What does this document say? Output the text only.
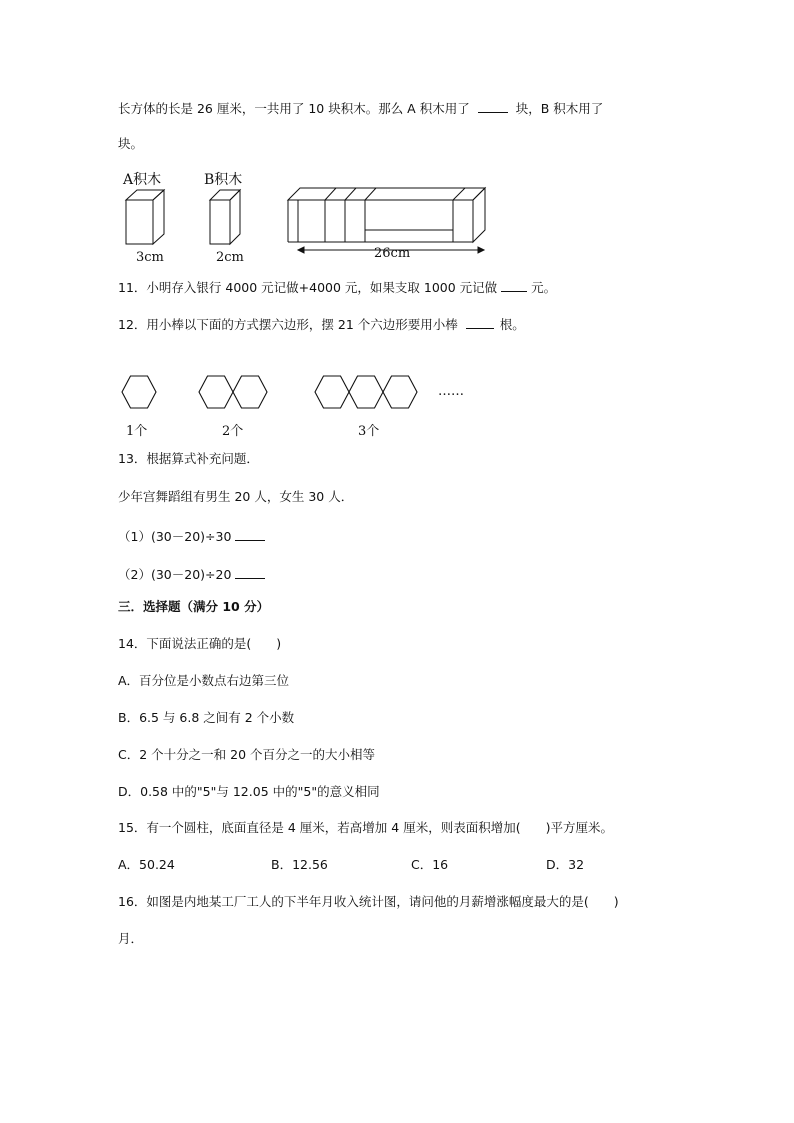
长方体的长是 26 厘米，一共用了 10 块积木。那么 A 积木用了	块，B 积木用了
块。
A积木	B积木
3cm	2cm	26cm
11．小明存入银行 4000 元记做+4000 元，如果支取 1000 元记做	元。
12．用小棒以下面的方式摆六边形，摆 21 个六边形要用小棒	根。
……
1个	2个	3个
13．根据算式补充问题．
少年宫舞蹈组有男生 20 人，女生 30 人．
（1）(30－20)÷30
（2）(30－20)÷20
三．选择题（满分 10 分）
14．下面说法正确的是(　　)
A．百分位是小数点右边第三位
B．6.5 与 6.8 之间有 2 个小数
C．2 个十分之一和 20 个百分之一的大小相等
D．0.58 中的"5"与 12.05 中的"5"的意义相同
15．有一个圆柱，底面直径是 4 厘米，若高增加 4 厘米，则表面积增加(　　)平方厘米。
A．50.24	B．12.56	C．16	D．32
16．如图是内地某工厂工人的下半年月收入统计图，请问他的月薪增涨幅度最大的是(　　)
月．
